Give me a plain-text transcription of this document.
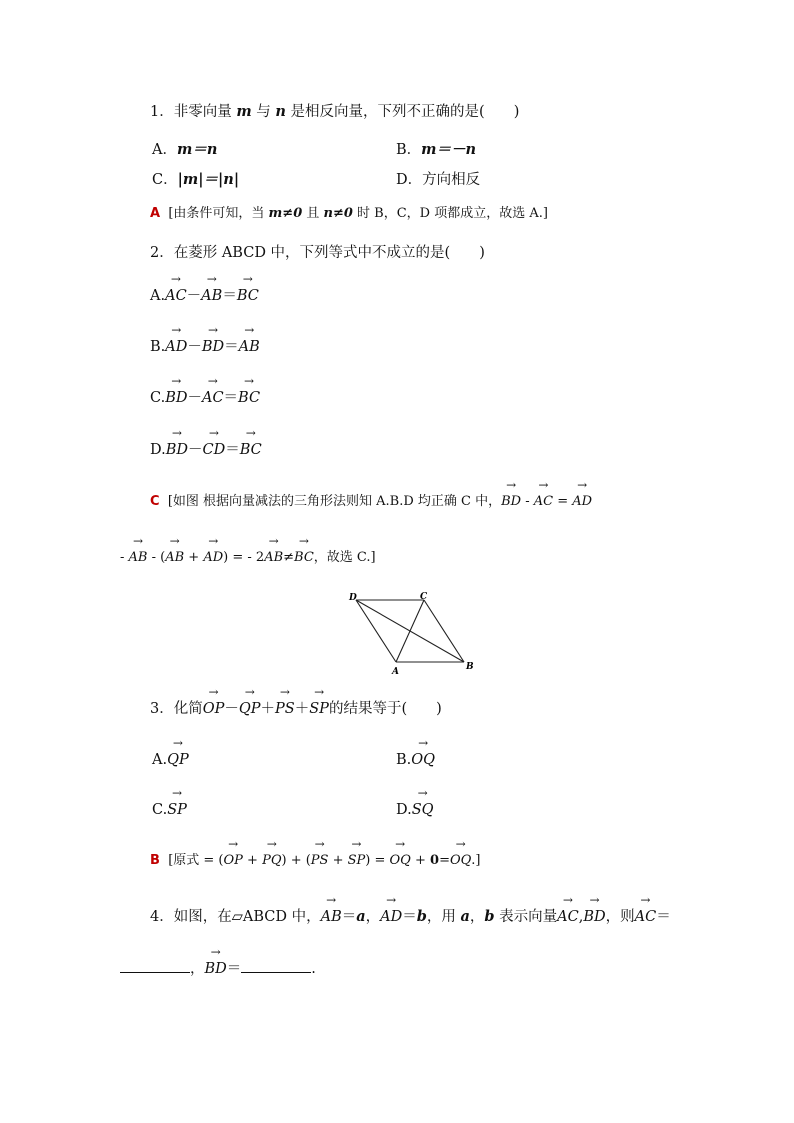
1．非零向量 m 与 n 是相反向量，下列不正确的是(　　)
A．m＝n	B．m＝－n
C．|m|＝|n|	D．方向相反
A [由条件可知，当 m≠0 且 n≠0 时 B，C，D 项都成立，故选 A.]
2．在菱形 ABCD 中，下列等式中不成立的是(　　)
A.→ AC－→ AB＝→ BC
B.→ AD－→ BD＝→ AB
C.→ BD－→ AC＝→ BC
D.→ BD－→ CD＝→ BC
C [如图 根据向量减法的三角形法则知 A.B.D 均正确 C 中，→ BD - → AC = → AD
- → AB - (→ AB + → AD) = - 2→ AB≠→ BC，故选 C.]
D	C
A	B
3．化简→ OP－→ QP＋→ PS＋→ SP的结果等于(　　)
A.→ QP	B.→ OQ
C.→ SP	D.→ SQ
B [原式 = (→ OP + → PQ) + (→ PS + → SP) = → OQ + 0=→ OQ.]
4．如图，在▱ABCD 中，→ AB＝a，→ AD＝b，用 a，b 表示向量→ AC,→ BD，则→ AC＝
，→ BD＝	.
